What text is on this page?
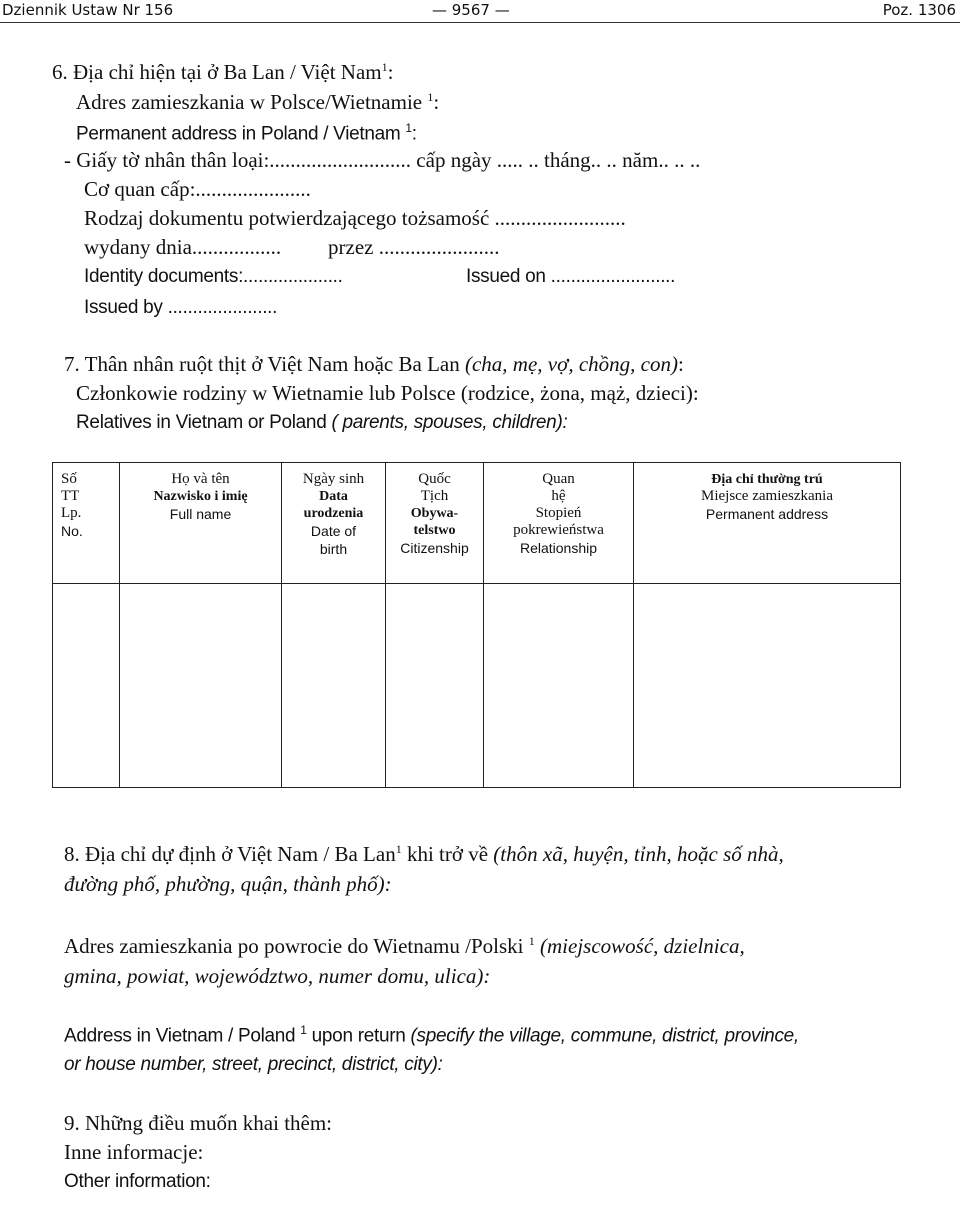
Dziennik Ustaw Nr 156	— 9567 —	Poz. 1306
6. Địa chỉ hiện tại ở Ba Lan / Việt Nam$^1$:
Adres zamieszkania w Polsce/Wietnamie $^1$:
Permanent address in Poland / Vietnam $^1$:
- Giấy tờ nhân thân loại:........................... cấp ngày ..... .. tháng.. .. năm.. .. ..
Cơ quan cấp:......................
Rodzaj dokumentu potwierdzającego tożsamość .........................
wydany dnia................. przez .......................
Identity documents:....................	Issued on .........................
Issued by ......................
7. Thân nhân ruột thịt ở Việt Nam hoặc Ba Lan (cha, mẹ, vợ, chồng, con):
Członkowie rodziny w Wietnamie lub Polsce (rodzice, żona, mąż, dzieci):
Relatives in Vietnam or Poland ( parents, spouses, children):
Số
TT
Lp.
No.	Họ và tên
Nazwisko i imię
Full name	Ngày sinh
Data
urodzenia
Date of
birth	Quốc
Tịch
Obywa-
telstwo
Citizenship	Quan
hệ
Stopień
pokrewieństwa
Relationship	Địa chỉ thường trú
Miejsce zamieszkania
Permanent address

8. Địa chỉ dự định ở Việt Nam / Ba Lan$^1$ khi trở về (thôn xã, huyện, tỉnh, hoặc số nhà,
đường phố, phường, quận, thành phố):
Adres zamieszkania po powrocie do Wietnamu /Polski $^1$ (miejscowość, dzielnica,
gmina, powiat, województwo, numer domu, ulica):
Address in Vietnam / Poland $^1$ upon return (specify the village, commune, district, province,
or house number, street, precinct, district, city):
9. Những điều muốn khai thêm:
Inne informacje:
Other information:
